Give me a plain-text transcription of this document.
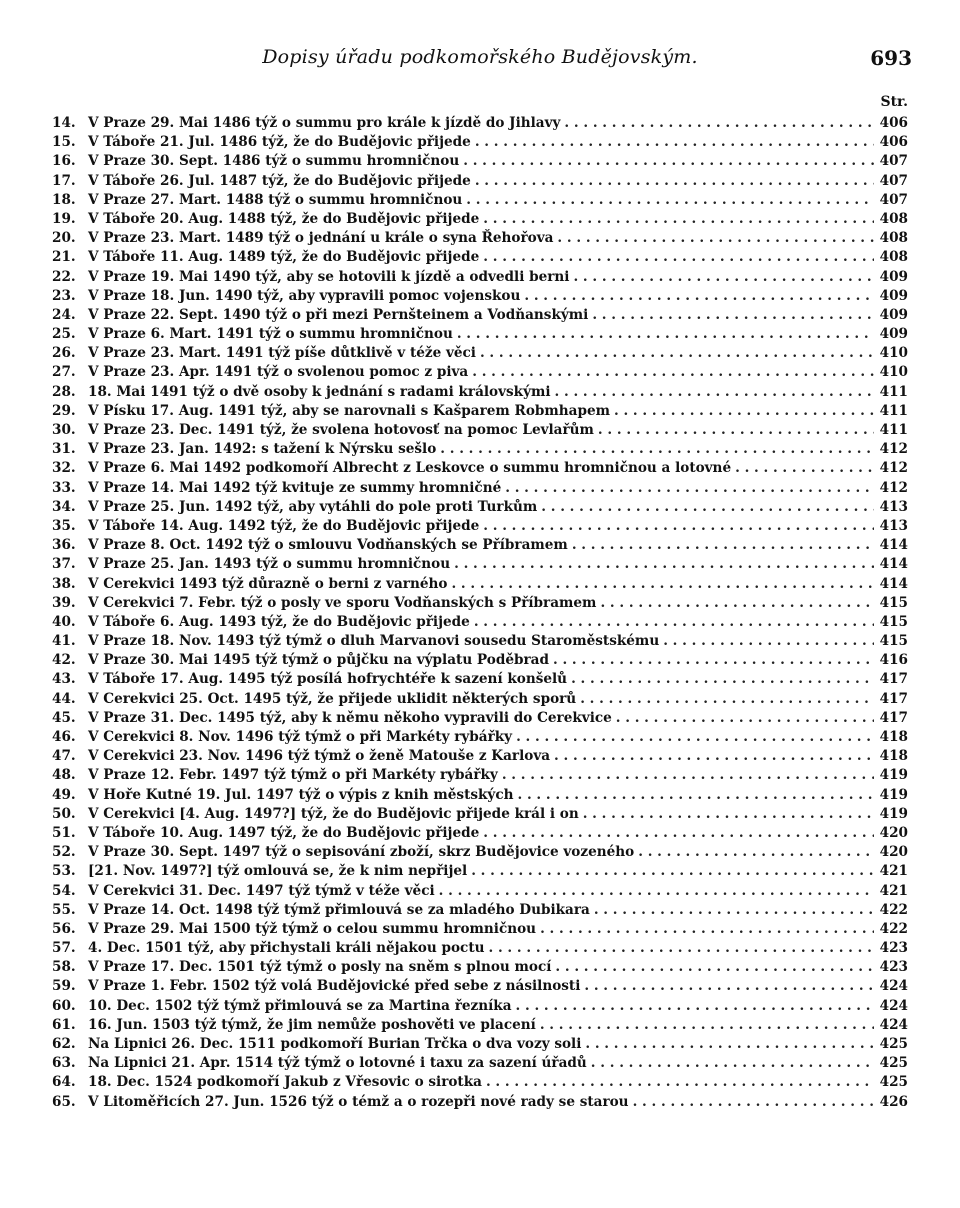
Dopisy úřadu podkomořského Budějovským.	693
Str.
14. V Praze 29. Mai 1486 týž o summu pro krále k jízdě do Jihlavy . . .	406
15. V Táboře 21. Jul. 1486 týž, že do Budějovic přijede . . .	406
16. V Praze 30. Sept. 1486 týž o summu hromničnou . . .	407
17. V Táboře 26. Jul. 1487 týž, že do Budějovic přijede . . .	407
18. V Praze 27. Mart. 1488 týž o summu hromničnou . . .	407
19. V Táboře 20. Aug. 1488 týž, že do Budějovic přijede . . .	408
20. V Praze 23. Mart. 1489 týž o jednání u krále o syna Řehořova . . .	408
21. V Táboře 11. Aug. 1489 týž, že do Budějovic přijede . . .	408
22. V Praze 19. Mai 1490 týž, aby se hotovili k jízdě a odvedli berni . . .	409
23. V Praze 18. Jun. 1490 týž, aby vypravili pomoc vojenskou . . .	409
24. V Praze 22. Sept. 1490 týž o při mezi Pernšteinem a Vodňanskými . . .	409
25. V Praze 6. Mart. 1491 týž o summu hromničnou . . .	409
26. V Praze 23. Mart. 1491 týž píše důtklivě v téže věci . . .	410
27. V Praze 23. Apr. 1491 týž o svolenou pomoc z piva . . .	410
28. 18. Mai 1491 týž o dvě osoby k jednání s radami královskými . . .	411
29. V Písku 17. Aug. 1491 týž, aby se narovnali s Kašparem Robmhapem . . .	411
30. V Praze 23. Dec. 1491 týž, že svolena hotovosť na pomoc Levlařům . . .	411
31. V Praze 23. Jan. 1492: s tažení k Nýrsku sešlo . . .	412
32. V Praze 6. Mai 1492 podkomoří Albrecht z Leskovce o summu hromničnou a lotovné . . .	412
33. V Praze 14. Mai 1492 týž kvituje ze summy hromničné . . .	412
34. V Praze 25. Jun. 1492 týž, aby vytáhli do pole proti Turkům . . .	413
35. V Táboře 14. Aug. 1492 týž, že do Budějovic přijede . . .	413
36. V Praze 8. Oct. 1492 týž o smlouvu Vodňanských se Příbramem . . .	414
37. V Praze 25. Jan. 1493 týž o summu hromničnou . . .	414
38. V Cerekvici 1493 týž důrazně o berni z varného . . .	414
39. V Cerekvici 7. Febr. týž o posly ve sporu Vodňanských s Příbramem . . .	415
40. V Táboře 6. Aug. 1493 týž, že do Budějovic přijede . . .	415
41. V Praze 18. Nov. 1493 týž týmž o dluh Marvanovi sousedu Staroměstskému . . .	415
42. V Praze 30. Mai 1495 týž týmž o půjčku na výplatu Poděbrad . . .	416
43. V Táboře 17. Aug. 1495 týž posílá hofrychtéře k sazení konšelů . . .	417
44. V Cerekvici 25. Oct. 1495 týž, že přijede uklidit některých sporů . . .	417
45. V Praze 31. Dec. 1495 týž, aby k němu někoho vypravili do Cerekvice . . .	417
46. V Cerekvici 8. Nov. 1496 týž týmž o při Markéty rybářky . . .	418
47. V Cerekvici 23. Nov. 1496 týž týmž o ženě Matouše z Karlova . . .	418
48. V Praze 12. Febr. 1497 týž týmž o při Markéty rybářky . . .	419
49. V Hoře Kutné 19. Jul. 1497 týž o výpis z knih městských . . .	419
50. V Cerekvici [4. Aug. 1497?] týž, že do Budějovic přijede král i on . . .	419
51. V Táboře 10. Aug. 1497 týž, že do Budějovic přijede . . .	420
52. V Praze 30. Sept. 1497 týž o sepisování zboží, skrz Budějovice vozeného . . .	420
53. [21. Nov. 1497?] týž omlouvá se, že k nim nepřijel . . .	421
54. V Cerekvici 31. Dec. 1497 týž týmž v téže věci . . .	421
55. V Praze 14. Oct. 1498 týž týmž přimlouvá se za mladého Dubikara . . .	422
56. V Praze 29. Mai 1500 týž týmž o celou summu hromničnou . . .	422
57. 4. Dec. 1501 týž, aby přichystali králi nějakou poctu . . .	423
58. V Praze 17. Dec. 1501 týž týmž o posly na sněm s plnou mocí . . .	423
59. V Praze 1. Febr. 1502 týž volá Budějovické před sebe z násilnosti . . .	424
60. 10. Dec. 1502 týž týmž přimlouvá se za Martina řezníka . . .	424
61. 16. Jun. 1503 týž týmž, že jim nemůže poshověti ve placení . . .	424
62. Na Lipnici 26. Dec. 1511 podkomoří Burian Trčka o dva vozy soli . . .	425
63. Na Lipnici 21. Apr. 1514 týž týmž o lotovné i taxu za sazení úřadů . . .	425
64. 18. Dec. 1524 podkomoří Jakub z Vřesovic o sirotka . . .	425
65. V Litoměřicích 27. Jun. 1526 týž o témž a o rozepři nové rady se starou . . .	426
